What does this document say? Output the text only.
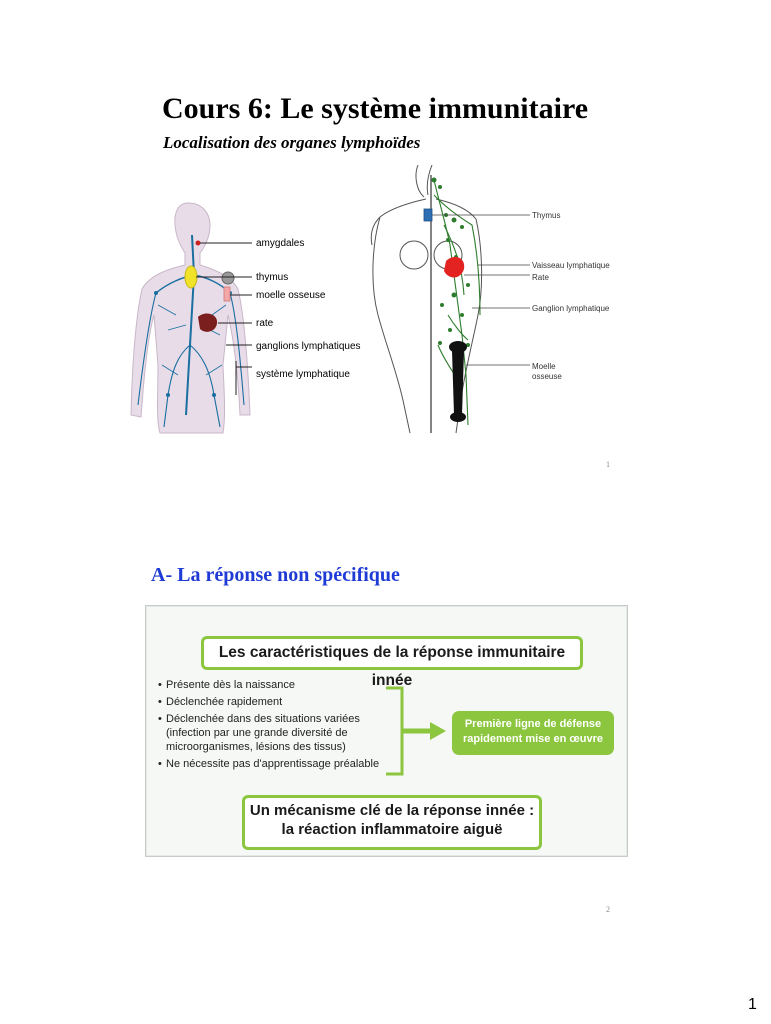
Cours 6: Le système immunitaire
Localisation des organes lymphoïdes
amygdales
thymus
moelle osseuse
rate
ganglions lymphatiques
système lymphatique
Thymus
Vaisseau lymphatique
Rate
Ganglion lymphatique
Moelle
osseuse
1
A- La réponse non spécifique
Les caractéristiques de la réponse immunitaire innée
• Présente dès la naissance
• Déclenchée rapidement
• Déclenchée dans des situations variées (infection par une grande diversité de microorganismes, lésions des tissus)
• Ne nécessite pas d'apprentissage préalable
Première ligne de défense
rapidement mise en œuvre
Un mécanisme clé de la réponse innée :
la réaction inflammatoire aiguë
2
1
